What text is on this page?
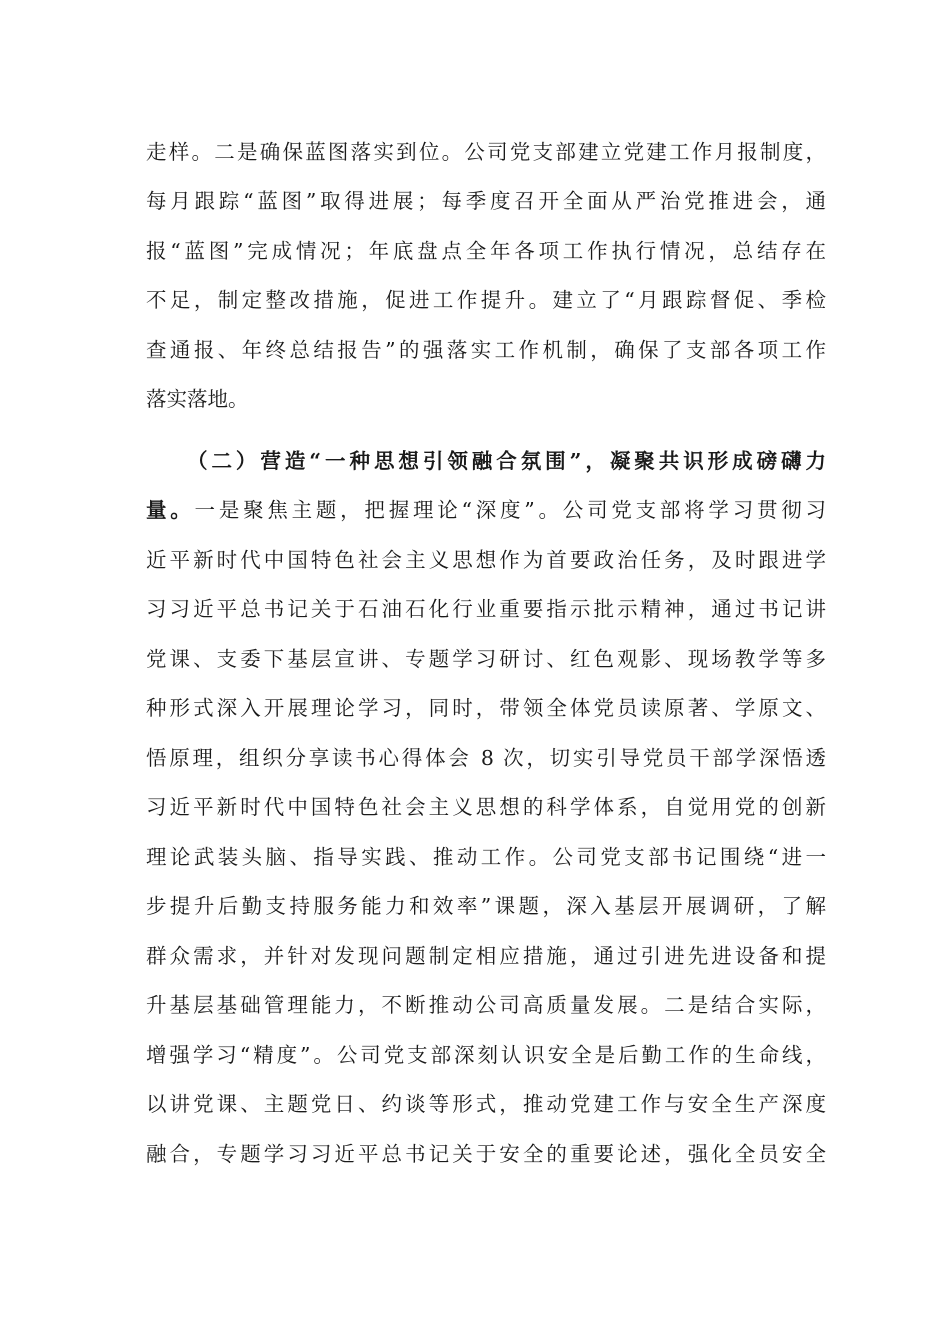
走样。二是确保蓝图落实到位。公司党支部建立党建工作月报制度，
每月跟踪“蓝图”取得进展；每季度召开全面从严治党推进会，通
报“蓝图”完成情况；年底盘点全年各项工作执行情况，总结存在
不足，制定整改措施，促进工作提升。建立了“月跟踪督促、季检
查通报、年终总结报告”的强落实工作机制，确保了支部各项工作
落实落地。
（二）营造“一种思想引领融合氛围”，凝聚共识形成磅礴力
量。一是聚焦主题，把握理论“深度”。公司党支部将学习贯彻习
近平新时代中国特色社会主义思想作为首要政治任务，及时跟进学
习习近平总书记关于石油石化行业重要指示批示精神，通过书记讲
党课、支委下基层宣讲、专题学习研讨、红色观影、现场教学等多
种形式深入开展理论学习，同时，带领全体党员读原著、学原文、
悟原理，组织分享读书心得体会 8 次，切实引导党员干部学深悟透
习近平新时代中国特色社会主义思想的科学体系，自觉用党的创新
理论武装头脑、指导实践、推动工作。公司党支部书记围绕“进一
步提升后勤支持服务能力和效率”课题，深入基层开展调研，了解
群众需求，并针对发现问题制定相应措施，通过引进先进设备和提
升基层基础管理能力，不断推动公司高质量发展。二是结合实际，
增强学习“精度”。公司党支部深刻认识安全是后勤工作的生命线，
以讲党课、主题党日、约谈等形式，推动党建工作与安全生产深度
融合，专题学习习近平总书记关于安全的重要论述，强化全员安全
